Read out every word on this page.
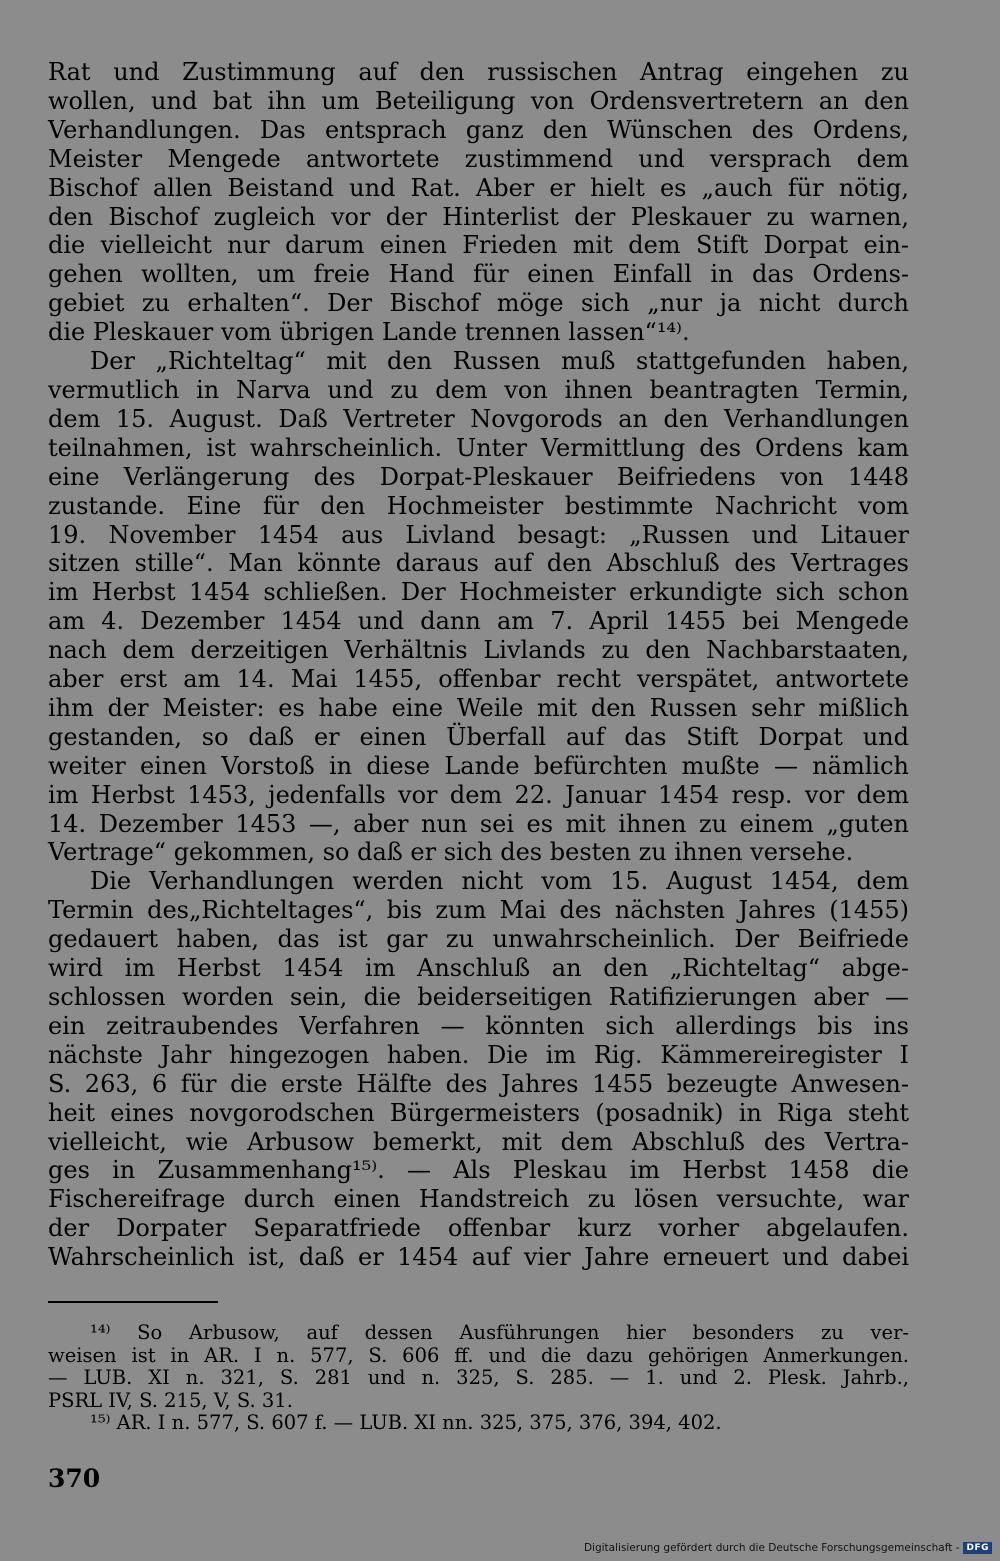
Rat und Zustimmung auf den russischen Antrag eingehen zu
wollen, und bat ihn um Beteiligung von Ordensvertretern an den
Verhandlungen. Das entsprach ganz den Wünschen des Ordens,
Meister Mengede antwortete zustimmend und versprach dem
Bischof allen Beistand und Rat. Aber er hielt es „auch für nötig,
den Bischof zugleich vor der Hinterlist der Pleskauer zu warnen,
die vielleicht nur darum einen Frieden mit dem Stift Dorpat ein-
gehen wollten, um freie Hand für einen Einfall in das Ordens-
gebiet zu erhalten“. Der Bischof möge sich „nur ja nicht durch
die Pleskauer vom übrigen Lande trennen lassen“¹⁴⁾.
Der „Richteltag“ mit den Russen muß stattgefunden haben,
vermutlich in Narva und zu dem von ihnen beantragten Termin,
dem 15. August. Daß Vertreter Novgorods an den Verhandlungen
teilnahmen, ist wahrscheinlich. Unter Vermittlung des Ordens kam
eine Verlängerung des Dorpat-Pleskauer Beifriedens von 1448
zustande. Eine für den Hochmeister bestimmte Nachricht vom
19. November 1454 aus Livland besagt: „Russen und Litauer
sitzen stille“. Man könnte daraus auf den Abschluß des Vertrages
im Herbst 1454 schließen. Der Hochmeister erkundigte sich schon
am 4. Dezember 1454 und dann am 7. April 1455 bei Mengede
nach dem derzeitigen Verhältnis Livlands zu den Nachbarstaaten,
aber erst am 14. Mai 1455, offenbar recht verspätet, antwortete
ihm der Meister: es habe eine Weile mit den Russen sehr mißlich
gestanden, so daß er einen Überfall auf das Stift Dorpat und
weiter einen Vorstoß in diese Lande befürchten mußte — nämlich
im Herbst 1453, jedenfalls vor dem 22. Januar 1454 resp. vor dem
14. Dezember 1453 —, aber nun sei es mit ihnen zu einem „guten
Vertrage“ gekommen, so daß er sich des besten zu ihnen versehe.
Die Verhandlungen werden nicht vom 15. August 1454, dem
Termin des„Richteltages“, bis zum Mai des nächsten Jahres (1455)
gedauert haben, das ist gar zu unwahrscheinlich. Der Beifriede
wird im Herbst 1454 im Anschluß an den „Richteltag“ abge-
schlossen worden sein, die beiderseitigen Ratifizierungen aber —
ein zeitraubendes Verfahren — könnten sich allerdings bis ins
nächste Jahr hingezogen haben. Die im Rig. Kämmereiregister I
S. 263, 6 für die erste Hälfte des Jahres 1455 bezeugte Anwesen-
heit eines novgorodschen Bürgermeisters (posadnik) in Riga steht
vielleicht, wie Arbusow bemerkt, mit dem Abschluß des Vertra-
ges in Zusammenhang¹⁵⁾. — Als Pleskau im Herbst 1458 die
Fischereifrage durch einen Handstreich zu lösen versuchte, war
der Dorpater Separatfriede offenbar kurz vorher abgelaufen.
Wahrscheinlich ist, daß er 1454 auf vier Jahre erneuert und dabei
¹⁴⁾ So Arbusow, auf dessen Ausführungen hier besonders zu ver-
weisen ist in AR. I n. 577, S. 606 ff. und die dazu gehörigen Anmerkungen.
— LUB. XI n. 321, S. 281 und n. 325, S. 285. — 1. und 2. Plesk. Jahrb.,
PSRL IV, S. 215, V, S. 31.
¹⁵⁾ AR. I n. 577, S. 607 f. — LUB. XI nn. 325, 375, 376, 394, 402.
370
Digitalisierung gefördert durch die Deutsche Forschungsgemeinschaft - DFG
